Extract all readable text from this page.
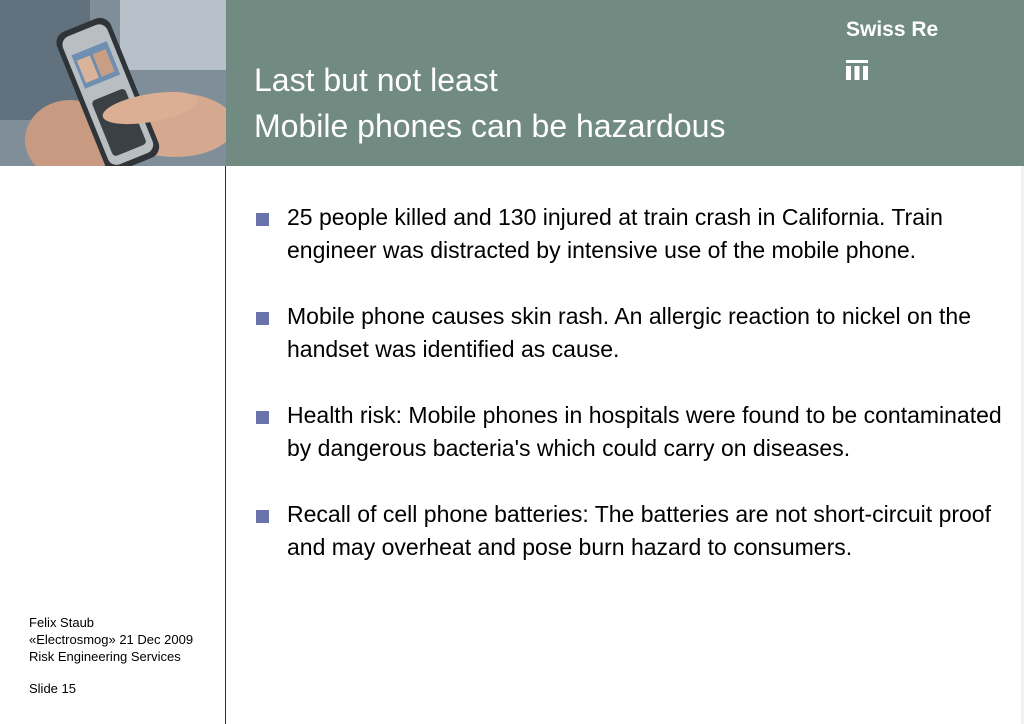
Last but not least
Mobile phones can be hazardous
Swiss Re
25 people killed and 130 injured at train crash in California. Train engineer was distracted by intensive use of the mobile phone.
Mobile phone causes skin rash. An allergic reaction to nickel on the handset was identified as cause.
Health risk: Mobile phones in hospitals were found to be contaminated by dangerous bacteria's which could carry on diseases.
Recall of cell phone batteries: The batteries are not short-circuit proof and may overheat and pose burn hazard to consumers.
Felix Staub
«Electrosmog» 21 Dec 2009
Risk Engineering Services
Slide 15
